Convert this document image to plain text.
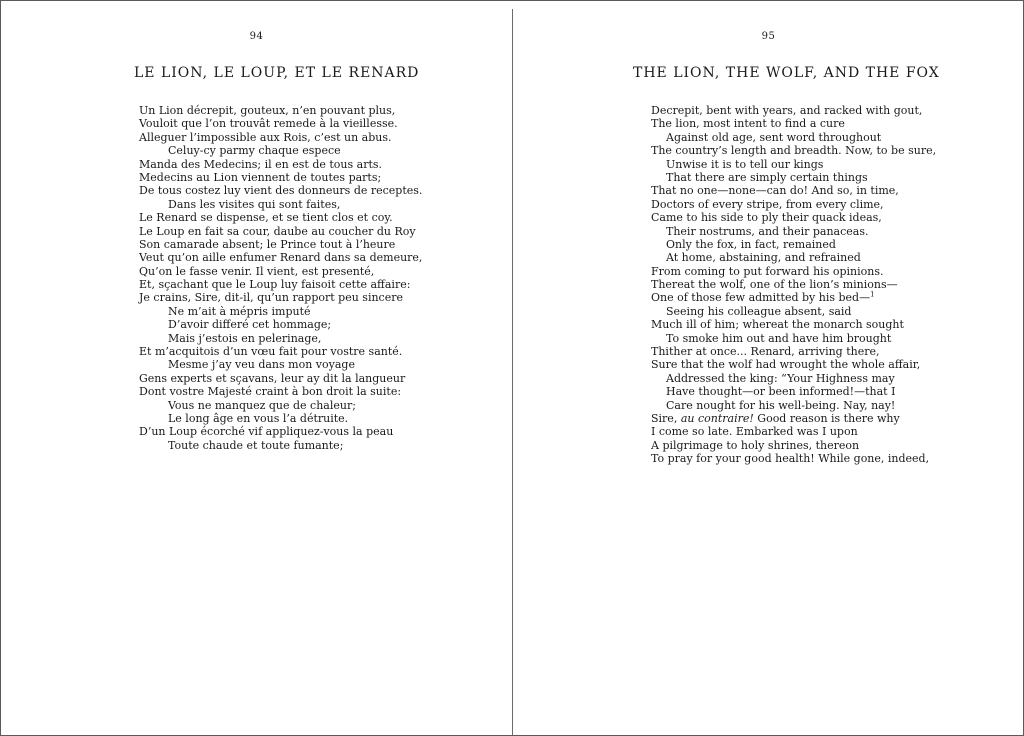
94
LE LION, LE LOUP, ET LE RENARD
Un Lion décrepit, gouteux, n’en pouvant plus,
Vouloit que l’on trouvât remede à la vieillesse.
Alleguer l’impossible aux Rois, c’est un abus.
Celuy-cy parmy chaque espece
Manda des Medecins; il en est de tous arts.
Medecins au Lion viennent de toutes parts;
De tous costez luy vient des donneurs de receptes.
Dans les visites qui sont faites,
Le Renard se dispense, et se tient clos et coy.
Le Loup en fait sa cour, daube au coucher du Roy
Son camarade absent; le Prince tout à l’heure
Veut qu’on aille enfumer Renard dans sa demeure,
Qu’on le fasse venir. Il vient, est presenté,
Et, sçachant que le Loup luy faisoit cette affaire:
Je crains, Sire, dit-il, qu’un rapport peu sincere
Ne m’ait à mépris imputé
D’avoir differé cet hommage;
Mais j’estois en pelerinage,
Et m’acquitois d’un vœu fait pour vostre santé.
Mesme j’ay veu dans mon voyage
Gens experts et sçavans, leur ay dit la langueur
Dont vostre Majesté craint à bon droit la suite:
Vous ne manquez que de chaleur;
Le long âge en vous l’a détruite.
D’un Loup écorché vif appliquez-vous la peau
Toute chaude et toute fumante;
95
THE LION, THE WOLF, AND THE FOX
Decrepit, bent with years, and racked with gout,
The lion, most intent to find a cure
Against old age, sent word throughout
The country’s length and breadth. Now, to be sure,
Unwise it is to tell our kings
That there are simply certain things
That no one—none—can do! And so, in time,
Doctors of every stripe, from every clime,
Came to his side to ply their quack ideas,
Their nostrums, and their panaceas.
Only the fox, in fact, remained
At home, abstaining, and refrained
From coming to put forward his opinions.
Thereat the wolf, one of the lion’s minions—
One of those few admitted by his bed—$^1$
Seeing his colleague absent, said
Much ill of him; whereat the monarch sought
To smoke him out and have him brought
Thither at once... Renard, arriving there,
Sure that the wolf had wrought the whole affair,
Addressed the king: “Your Highness may
Have thought—or been informed!—that I
Care nought for his well-being. Nay, nay!
Sire, au contraire! Good reason is there why
I come so late. Embarked was I upon
A pilgrimage to holy shrines, thereon
To pray for your good health! While gone, indeed,
